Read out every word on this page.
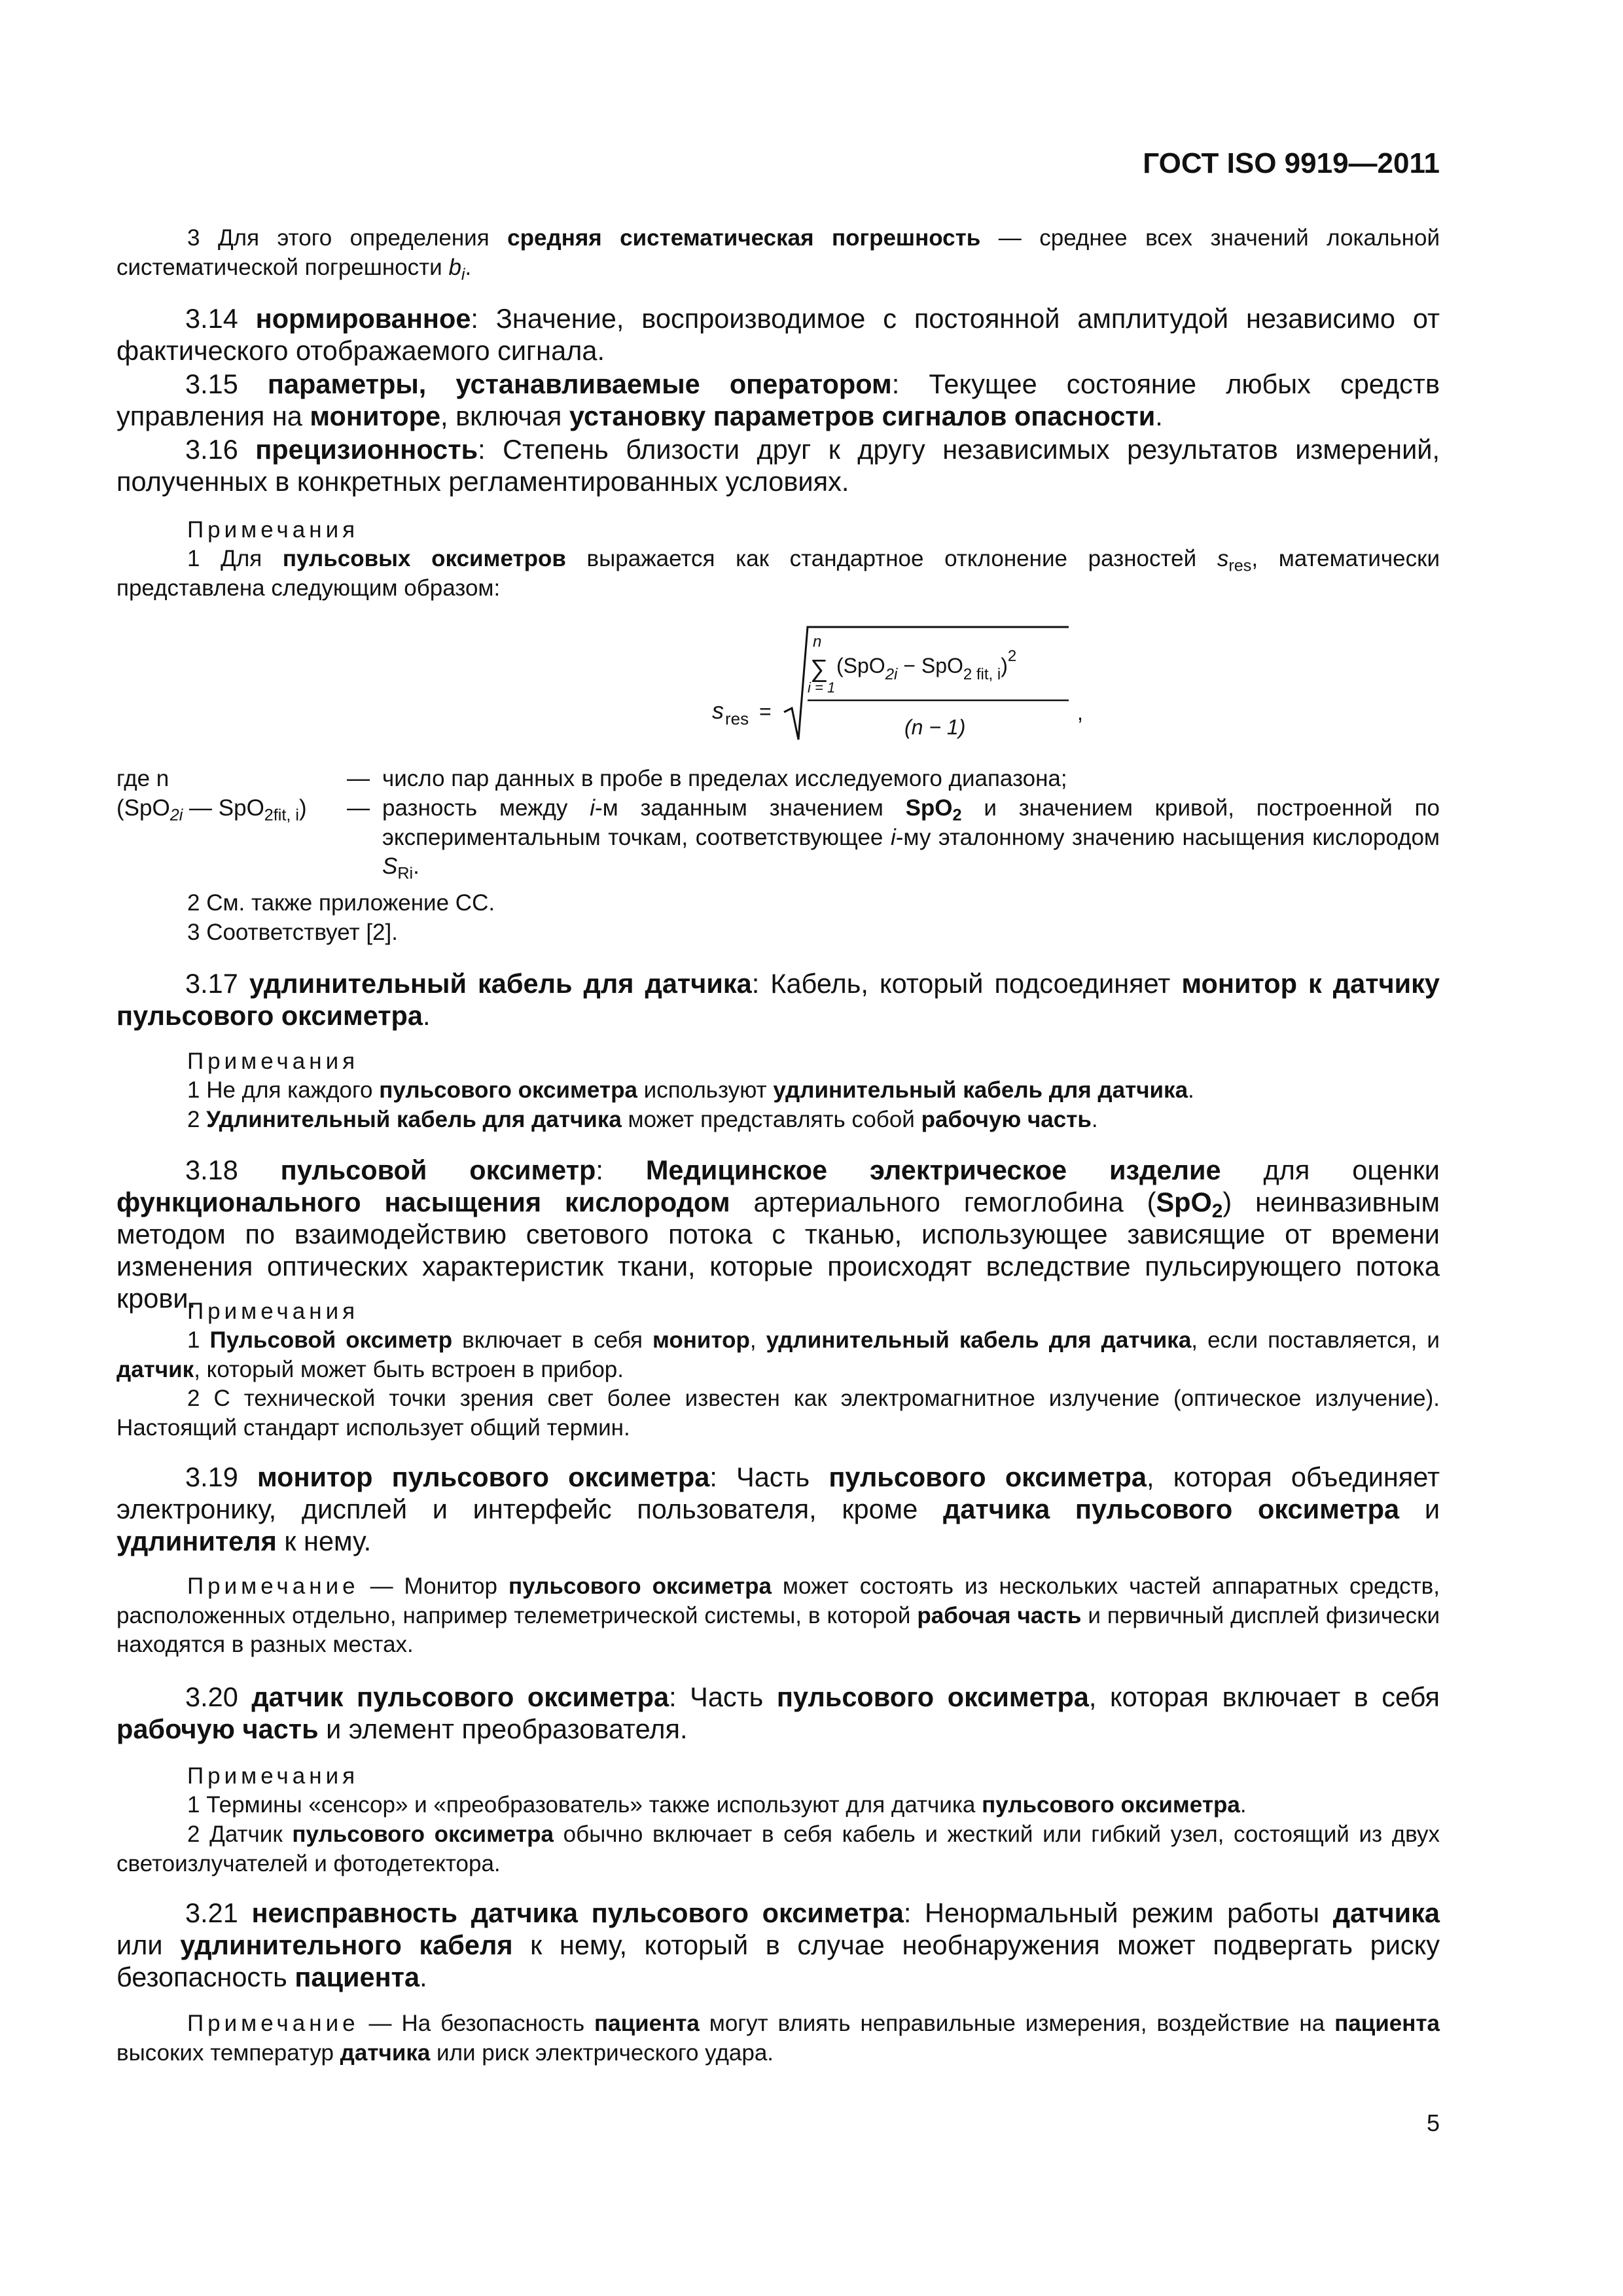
ГОСТ ISO 9919—2011
3 Для этого определения средняя систематическая погрешность — среднее всех значений локальной систематической погрешности $b_i$.
3.14 нормированное: Значение, воспроизводимое с постоянной амплитудой независимо от фактического отображаемого сигнала.
3.15 параметры, устанавливаемые оператором: Текущее состояние любых средств управления на мониторе, включая установку параметров сигналов опасности.
3.16 прецизионность: Степень близости друг к другу независимых результатов измерений, полученных в конкретных регламентированных условиях.
Примечания
1 Для пульсовых оксиметров выражается как стандартное отклонение разностей $s_{res}$, математически представлена следующим образом:
s res =
n
∑
i = 1
$(SpO_{2i} - SpO_{2 fit, i})^2$
(n − 1)
,
где n	— число пар данных в пробе в пределах исследуемого диапазона;
(SpO$_{2i}$ — SpO$_{2fit, i}$) — разность между i-м заданным значением SpO$_2$ и значением кривой, построенной по экспериментальным точкам, соответствующее i-му эталонному значению насыщения кислородом $S_{Ri}$.
2 См. также приложение СС.
3 Соответствует [2].
3.17 удлинительный кабель для датчика: Кабель, который подсоединяет монитор к датчику пульсового оксиметра.
Примечания
1 Не для каждого пульсового оксиметра используют удлинительный кабель для датчика.
2 Удлинительный кабель для датчика может представлять собой рабочую часть.
3.18 пульсовой оксиметр: Медицинское электрическое изделие для оценки функционального насыщения кислородом артериального гемоглобина (SpO$_2$) неинвазивным методом по взаимодействию светового потока с тканью, использующее зависящие от времени изменения оптических характеристик ткани, которые происходят вследствие пульсирующего потока крови.
Примечания
1 Пульсовой оксиметр включает в себя монитор, удлинительный кабель для датчика, если поставляется, и датчик, который может быть встроен в прибор.
2 С технической точки зрения свет более известен как электромагнитное излучение (оптическое излучение). Настоящий стандарт использует общий термин.
3.19 монитор пульсового оксиметра: Часть пульсового оксиметра, которая объединяет электронику, дисплей и интерфейс пользователя, кроме датчика пульсового оксиметра и удлинителя к нему.
Примечание — Монитор пульсового оксиметра может состоять из нескольких частей аппаратных средств, расположенных отдельно, например телеметрической системы, в которой рабочая часть и первичный дисплей физически находятся в разных местах.
3.20 датчик пульсового оксиметра: Часть пульсового оксиметра, которая включает в себя рабочую часть и элемент преобразователя.
Примечания
1 Термины «сенсор» и «преобразователь» также используют для датчика пульсового оксиметра.
2 Датчик пульсового оксиметра обычно включает в себя кабель и жесткий или гибкий узел, состоящий из двух светоизлучателей и фотодетектора.
3.21 неисправность датчика пульсового оксиметра: Ненормальный режим работы датчика или удлинительного кабеля к нему, который в случае необнаружения может подвергать риску безопасность пациента.
Примечание — На безопасность пациента могут влиять неправильные измерения, воздействие на пациента высоких температур датчика или риск электрического удара.
5
